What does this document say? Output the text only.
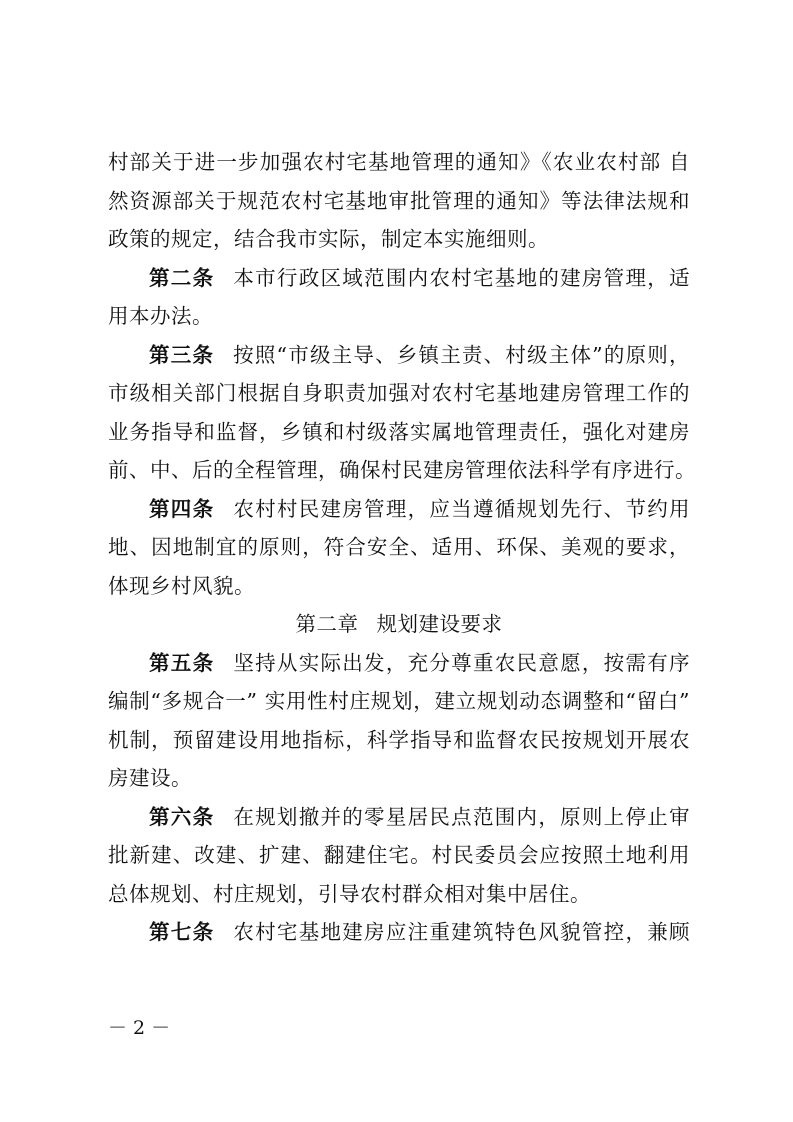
村部关于进一步加强农村宅基地管理的通知》《农业农村部 自
然资源部关于规范农村宅基地审批管理的通知》等法律法规和
政策的规定，结合我市实际，制定本实施细则。
第二条 本市行政区域范围内农村宅基地的建房管理，适
用本办法。
第三条 按照“市级主导、乡镇主责、村级主体”的原则，
市级相关部门根据自身职责加强对农村宅基地建房管理工作的
业务指导和监督，乡镇和村级落实属地管理责任，强化对建房
前、中、后的全程管理，确保村民建房管理依法科学有序进行。
第四条 农村村民建房管理，应当遵循规划先行、节约用
地、因地制宜的原则，符合安全、适用、环保、美观的要求，
体现乡村风貌。
第二章 规划建设要求
第五条 坚持从实际出发，充分尊重农民意愿，按需有序
编制“多规合一” 实用性村庄规划，建立规划动态调整和“留白”
机制，预留建设用地指标，科学指导和监督农民按规划开展农
房建设。
第六条 在规划撤并的零星居民点范围内，原则上停止审
批新建、改建、扩建、翻建住宅。村民委员会应按照土地利用
总体规划、村庄规划，引导农村群众相对集中居住。
第七条 农村宅基地建房应注重建筑特色风貌管控，兼顾
－ 2 －
